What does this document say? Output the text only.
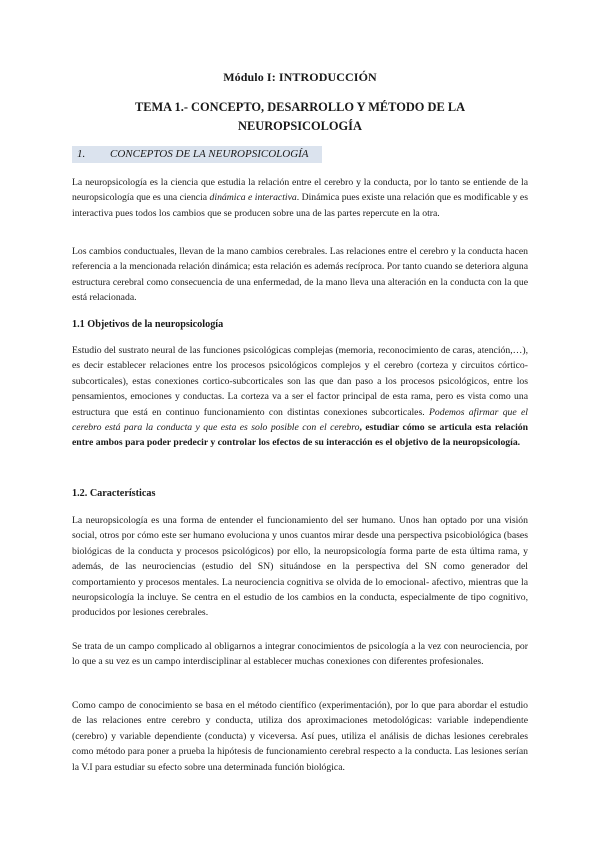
Módulo I: INTRODUCCIÓN
TEMA 1.- CONCEPTO, DESARROLLO Y MÉTODO DE LA NEUROPSICOLOGÍA
1. CONCEPTOS DE LA NEUROPSICOLOGÍA

La neuropsicología es la ciencia que estudia la relación entre el cerebro y la conducta, por lo tanto se entiende de la neuropsicología que es una ciencia dinámica e interactiva. Dinámica pues existe una relación que es modificable y es interactiva pues todos los cambios que se producen sobre una de las partes repercute en la otra.

Los cambios conductuales, llevan de la mano cambios cerebrales. Las relaciones entre el cerebro y la conducta hacen referencia a la mencionada relación dinámica; esta relación es además recíproca. Por tanto cuando se deteriora alguna estructura cerebral como consecuencia de una enfermedad, de la mano lleva una alteración en la conducta con la que está relacionada.

1.1 Objetivos de la neuropsicología

Estudio del sustrato neural de las funciones psicológicas complejas (memoria, reconocimiento de caras, atención,…), es decir establecer relaciones entre los procesos psicológicos complejos y el cerebro (corteza y circuitos córtico-subcorticales), estas conexiones cortico-subcorticales son las que dan paso a los procesos psicológicos, entre los pensamientos, emociones y conductas. La corteza va a ser el factor principal de esta rama, pero es vista como una estructura que está en continuo funcionamiento con distintas conexiones subcorticales. Podemos afirmar que el cerebro está para la conducta y que esta es solo posible con el cerebro, estudiar cómo se articula esta relación entre ambos para poder predecir y controlar los efectos de su interacción es el objetivo de la neuropsicología.

1.2. Características

La neuropsicología es una forma de entender el funcionamiento del ser humano. Unos han optado por una visión social, otros por cómo este ser humano evoluciona y unos cuantos mirar desde una perspectiva psicobiológica (bases biológicas de la conducta y procesos psicológicos) por ello, la neuropsicología forma parte de esta última rama, y además, de las neurociencias (estudio del SN) situándose en la perspectiva del SN como generador del comportamiento y procesos mentales. La neurociencia cognitiva se olvida de lo emocional- afectivo, mientras que la neuropsicología la incluye. Se centra en el estudio de los cambios en la conducta, especialmente de tipo cognitivo, producidos por lesiones cerebrales.

Se trata de un campo complicado al obligarnos a integrar conocimientos de psicología a la vez con neurociencia, por lo que a su vez es un campo interdisciplinar al establecer muchas conexiones con diferentes profesionales.

Como campo de conocimiento se basa en el método científico (experimentación), por lo que para abordar el estudio de las relaciones entre cerebro y conducta, utiliza dos aproximaciones metodológicas: variable independiente (cerebro) y variable dependiente (conducta) y viceversa. Así pues, utiliza el análisis de dichas lesiones cerebrales como método para poner a prueba la hipótesis de funcionamiento cerebral respecto a la conducta. Las lesiones serían la V.I para estudiar su efecto sobre una determinada función biológica.
